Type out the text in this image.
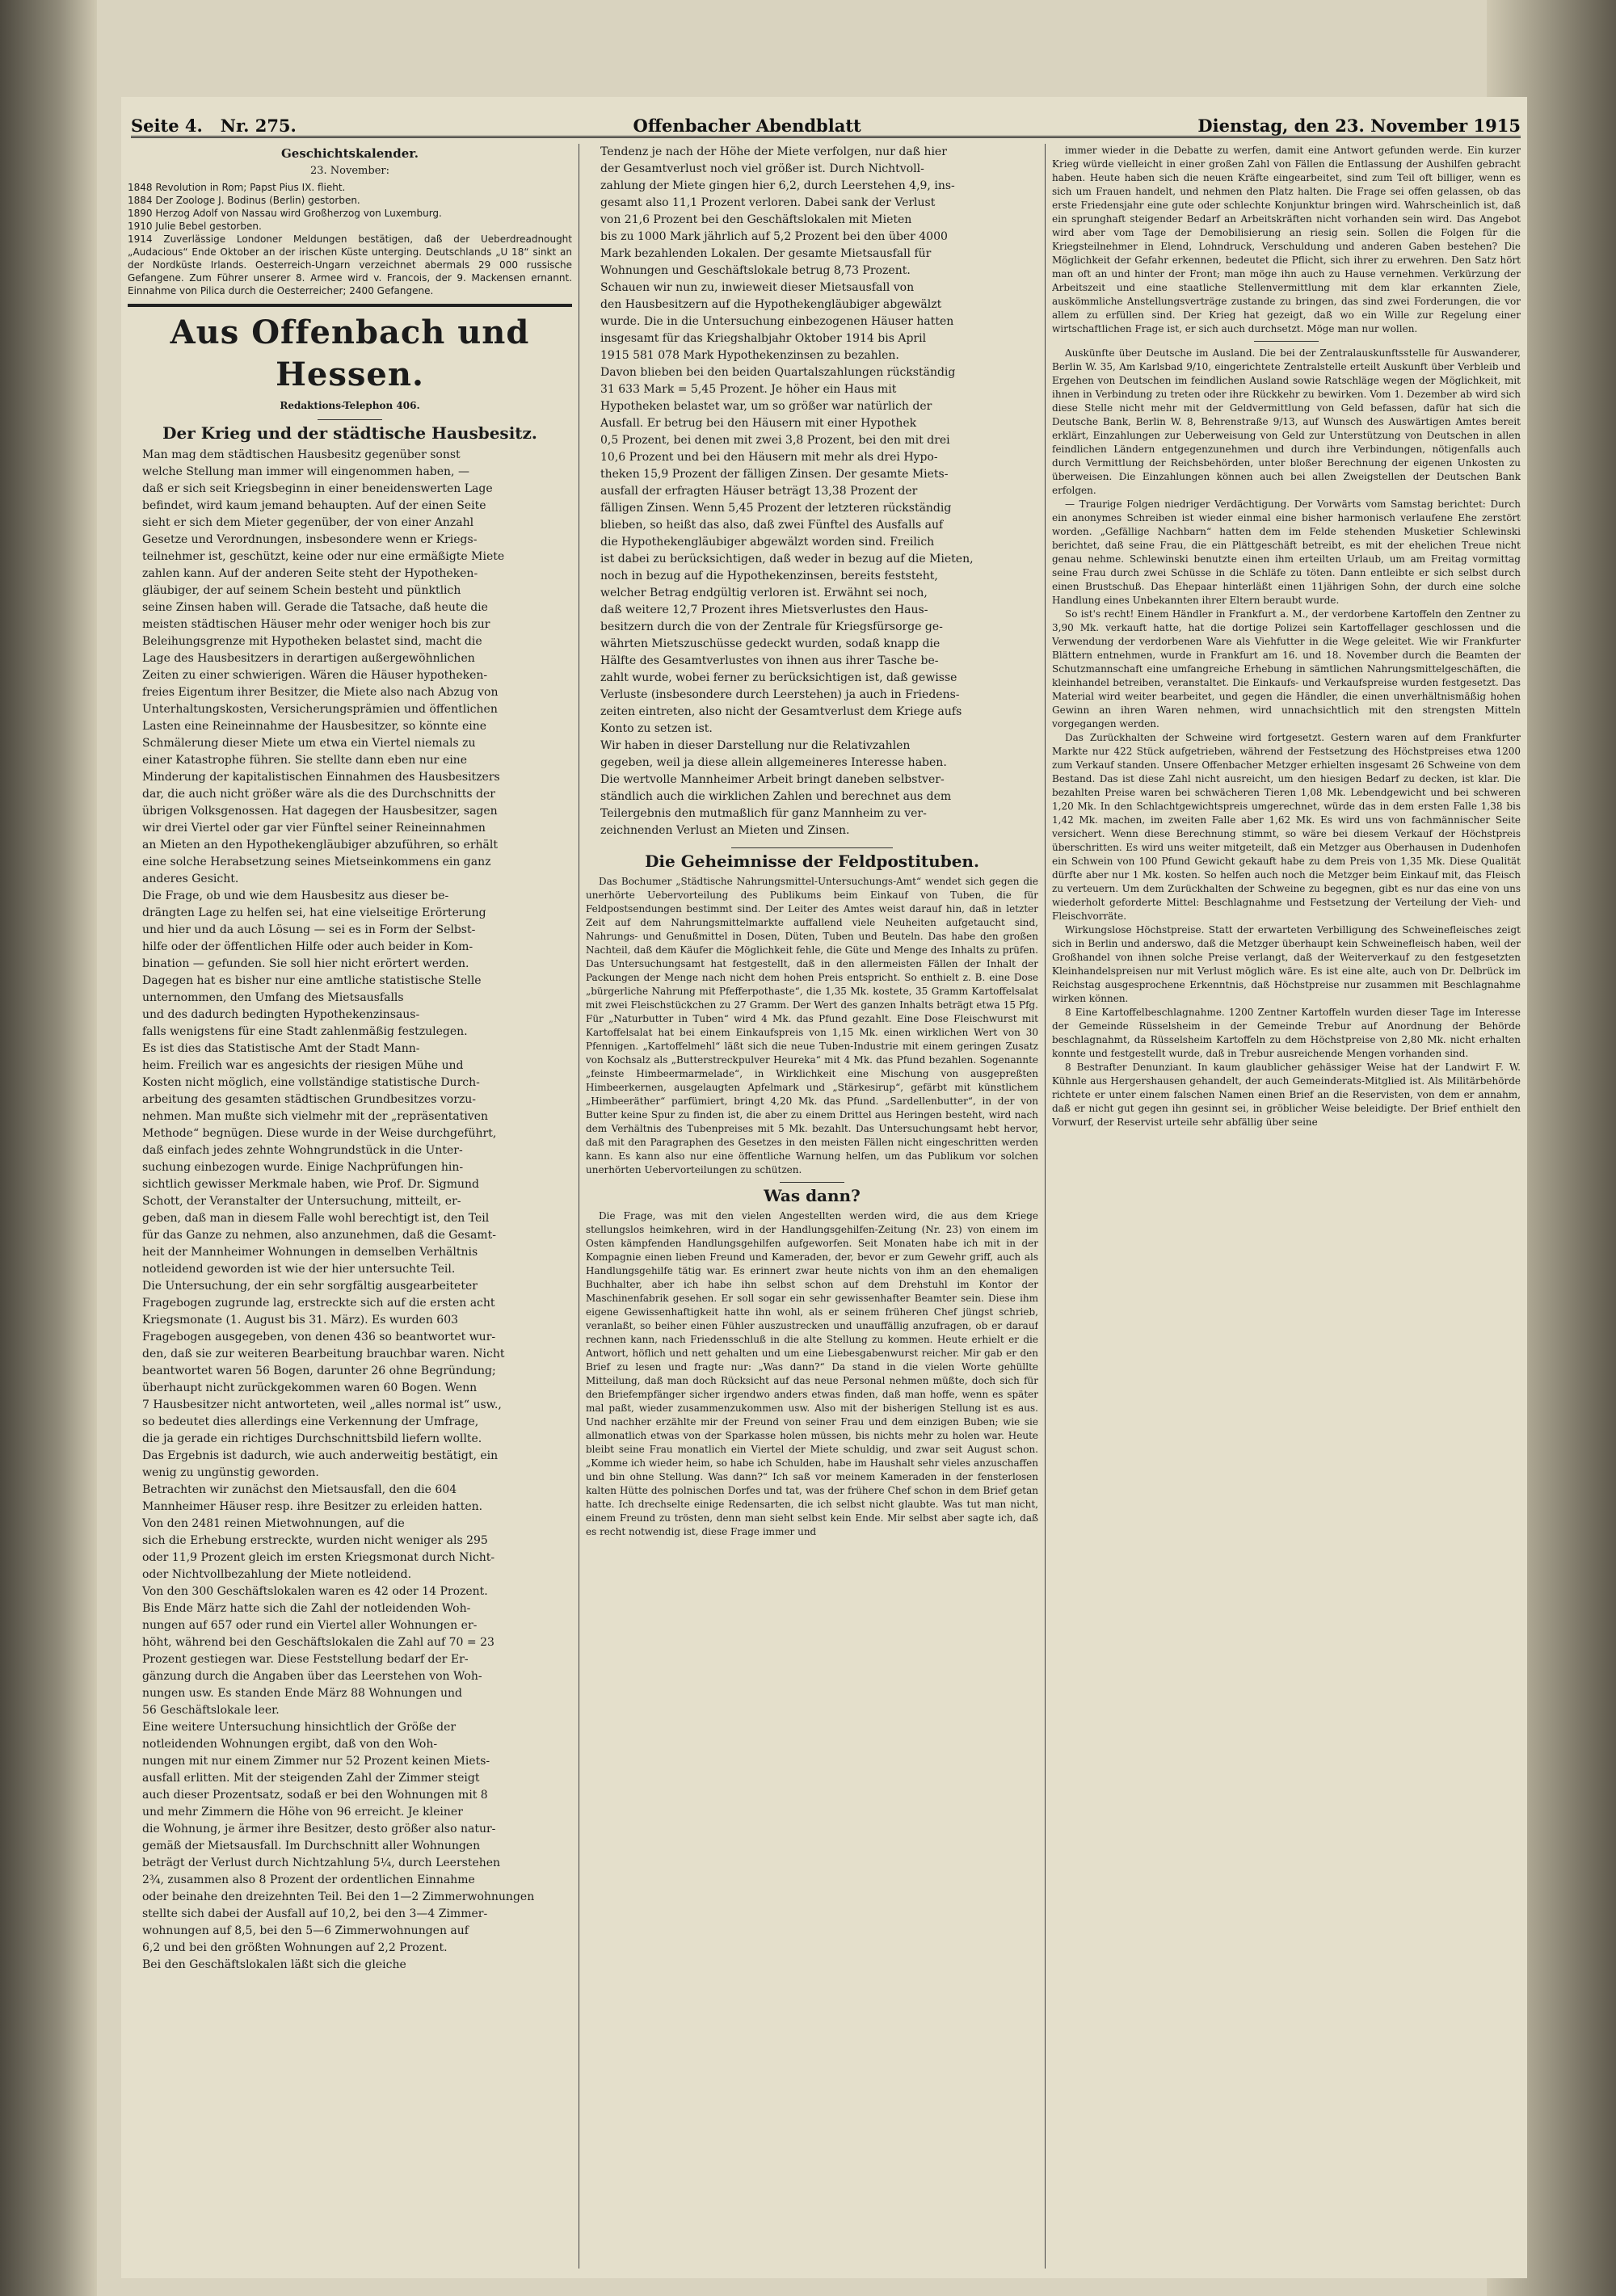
Seite 4. Nr. 275.	Offenbacher Abendblatt	Dienstag, den 23. November 1915
Geschichtskalender.
23. November:

1848 Revolution in Rom; Papst Pius IX. flieht.

1884 Der Zoologe J. Bodinus (Berlin) gestorben.

1890 Herzog Adolf von Nassau wird Großherzog von Luxemburg.

1910 Julie Bebel gestorben.

1914 Zuverlässige Londoner Meldungen bestätigen, daß der Ueberdreadnought „Audacious“ Ende Oktober an der irischen Küste unterging. Deutschlands „U 18“ sinkt an der Nordküste Irlands. Oesterreich-Ungarn verzeichnet abermals 29 000 russische Gefangene. Zum Führer unserer 8. Armee wird v. Francois, der 9. Mackensen ernannt. Einnahme von Pilica durch die Oesterreicher; 2400 Gefangene.

Aus Offenbach und Hessen.
Redaktions-Telephon 406.
Der Krieg und der städtische Hausbesitz.
Man mag dem städtischen Hausbesitz gegenüber sonst
welche Stellung man immer will eingenommen haben, —
daß er sich seit Kriegsbeginn in einer beneidenswerten Lage
befindet, wird kaum jemand behaupten. Auf der einen Seite
sieht er sich dem Mieter gegenüber, der von einer Anzahl
Gesetze und Verordnungen, insbesondere wenn er Kriegs-
teilnehmer ist, geschützt, keine oder nur eine ermäßigte Miete
zahlen kann. Auf der anderen Seite steht der Hypotheken-
gläubiger, der auf seinem Schein besteht und pünktlich
seine Zinsen haben will. Gerade die Tatsache, daß heute die
meisten städtischen Häuser mehr oder weniger hoch bis zur
Beleihungsgrenze mit Hypotheken belastet sind, macht die
Lage des Hausbesitzers in derartigen außergewöhnlichen
Zeiten zu einer schwierigen. Wären die Häuser hypotheken-
freies Eigentum ihrer Besitzer, die Miete also nach Abzug von
Unterhaltungskosten, Versicherungsprämien und öffentlichen
Lasten eine Reineinnahme der Hausbesitzer, so könnte eine
Schmälerung dieser Miete um etwa ein Viertel niemals zu
einer Katastrophe führen. Sie stellte dann eben nur eine
Minderung der kapitalistischen Einnahmen des Hausbesitzers
dar, die auch nicht größer wäre als die des Durchschnitts der
übrigen Volksgenossen. Hat dagegen der Hausbesitzer, sagen
wir drei Viertel oder gar vier Fünftel seiner Reineinnahmen
an Mieten an den Hypothekengläubiger abzuführen, so erhält
eine solche Herabsetzung seines Mietseinkommens ein ganz
anderes Gesicht.
Die Frage, ob und wie dem Hausbesitz aus dieser be-
drängten Lage zu helfen sei, hat eine vielseitige Erörterung
und hier und da auch Lösung — sei es in Form der Selbst-
hilfe oder der öffentlichen Hilfe oder auch beider in Kom-
bination — gefunden. Sie soll hier nicht erörtert werden.
Dagegen hat es bisher nur eine amtliche statistische Stelle
unternommen, den Umfang des Mietsausfalls
und des dadurch bedingten Hypothekenzinsaus-
falls wenigstens für eine Stadt zahlenmäßig festzulegen.
Es ist dies das Statistische Amt der Stadt Mann-
heim. Freilich war es angesichts der riesigen Mühe und
Kosten nicht möglich, eine vollständige statistische Durch-
arbeitung des gesamten städtischen Grundbesitzes vorzu-
nehmen. Man mußte sich vielmehr mit der „repräsentativen
Methode“ begnügen. Diese wurde in der Weise durchgeführt,
daß einfach jedes zehnte Wohngrundstück in die Unter-
suchung einbezogen wurde. Einige Nachprüfungen hin-
sichtlich gewisser Merkmale haben, wie Prof. Dr. Sigmund
Schott, der Veranstalter der Untersuchung, mitteilt, er-
geben, daß man in diesem Falle wohl berechtigt ist, den Teil
für das Ganze zu nehmen, also anzunehmen, daß die Gesamt-
heit der Mannheimer Wohnungen in demselben Verhältnis
notleidend geworden ist wie der hier untersuchte Teil.
Die Untersuchung, der ein sehr sorgfältig ausgearbeiteter
Fragebogen zugrunde lag, erstreckte sich auf die ersten acht
Kriegsmonate (1. August bis 31. März). Es wurden 603
Fragebogen ausgegeben, von denen 436 so beantwortet wur-
den, daß sie zur weiteren Bearbeitung brauchbar waren. Nicht
beantwortet waren 56 Bogen, darunter 26 ohne Begründung;
überhaupt nicht zurückgekommen waren 60 Bogen. Wenn
7 Hausbesitzer nicht antworteten, weil „alles normal ist“ usw.,
so bedeutet dies allerdings eine Verkennung der Umfrage,
die ja gerade ein richtiges Durchschnittsbild liefern wollte.
Das Ergebnis ist dadurch, wie auch anderweitig bestätigt, ein
wenig zu ungünstig geworden.
Betrachten wir zunächst den Mietsausfall, den die 604
Mannheimer Häuser resp. ihre Besitzer zu erleiden hatten.
Von den 2481 reinen Mietwohnungen, auf die
sich die Erhebung erstreckte, wurden nicht weniger als 295
oder 11,9 Prozent gleich im ersten Kriegsmonat durch Nicht-
oder Nichtvollbezahlung der Miete notleidend.
Von den 300 Geschäftslokalen waren es 42 oder 14 Prozent.
Bis Ende März hatte sich die Zahl der notleidenden Woh-
nungen auf 657 oder rund ein Viertel aller Wohnungen er-
höht, während bei den Geschäftslokalen die Zahl auf 70 = 23
Prozent gestiegen war. Diese Feststellung bedarf der Er-
gänzung durch die Angaben über das Leerstehen von Woh-
nungen usw. Es standen Ende März 88 Wohnungen und
56 Geschäftslokale leer.
Eine weitere Untersuchung hinsichtlich der Größe der
notleidenden Wohnungen ergibt, daß von den Woh-
nungen mit nur einem Zimmer nur 52 Prozent keinen Miets-
ausfall erlitten. Mit der steigenden Zahl der Zimmer steigt
auch dieser Prozentsatz, sodaß er bei den Wohnungen mit 8
und mehr Zimmern die Höhe von 96 erreicht. Je kleiner
die Wohnung, je ärmer ihre Besitzer, desto größer also natur-
gemäß der Mietsausfall. Im Durchschnitt aller Wohnungen
beträgt der Verlust durch Nichtzahlung 5¼, durch Leerstehen
2¾, zusammen also 8 Prozent der ordentlichen Einnahme
oder beinahe den dreizehnten Teil. Bei den 1—2 Zimmerwohnungen
stellte sich dabei der Ausfall auf 10,2, bei den 3—4 Zimmer-
wohnungen auf 8,5, bei den 5—6 Zimmerwohnungen auf
6,2 und bei den größten Wohnungen auf 2,2 Prozent.
Bei den Geschäftslokalen läßt sich die gleiche
Tendenz je nach der Höhe der Miete verfolgen, nur daß hier
der Gesamtverlust noch viel größer ist. Durch Nichtvoll-
zahlung der Miete gingen hier 6,2, durch Leerstehen 4,9, ins-
gesamt also 11,1 Prozent verloren. Dabei sank der Verlust
von 21,6 Prozent bei den Geschäftslokalen mit Mieten
bis zu 1000 Mark jährlich auf 5,2 Prozent bei den über 4000
Mark bezahlenden Lokalen. Der gesamte Mietsausfall für
Wohnungen und Geschäftslokale betrug 8,73 Prozent.
Schauen wir nun zu, inwieweit dieser Mietsausfall von
den Hausbesitzern auf die Hypothekengläubiger abgewälzt
wurde. Die in die Untersuchung einbezogenen Häuser hatten
insgesamt für das Kriegshalbjahr Oktober 1914 bis April
1915 581 078 Mark Hypothekenzinsen zu bezahlen.
Davon blieben bei den beiden Quartalszahlungen rückständig
31 633 Mark = 5,45 Prozent. Je höher ein Haus mit
Hypotheken belastet war, um so größer war natürlich der
Ausfall. Er betrug bei den Häusern mit einer Hypothek
0,5 Prozent, bei denen mit zwei 3,8 Prozent, bei den mit drei
10,6 Prozent und bei den Häusern mit mehr als drei Hypo-
theken 15,9 Prozent der fälligen Zinsen. Der gesamte Miets-
ausfall der erfragten Häuser beträgt 13,38 Prozent der
fälligen Zinsen. Wenn 5,45 Prozent der letzteren rückständig
blieben, so heißt das also, daß zwei Fünftel des Ausfalls auf
die Hypothekengläubiger abgewälzt worden sind. Freilich
ist dabei zu berücksichtigen, daß weder in bezug auf die Mieten,
noch in bezug auf die Hypothekenzinsen, bereits feststeht,
welcher Betrag endgültig verloren ist. Erwähnt sei noch,
daß weitere 12,7 Prozent ihres Mietsverlustes den Haus-
besitzern durch die von der Zentrale für Kriegsfürsorge ge-
währten Mietszuschüsse gedeckt wurden, sodaß knapp die
Hälfte des Gesamtverlustes von ihnen aus ihrer Tasche be-
zahlt wurde, wobei ferner zu berücksichtigen ist, daß gewisse
Verluste (insbesondere durch Leerstehen) ja auch in Friedens-
zeiten eintreten, also nicht der Gesamtverlust dem Kriege aufs
Konto zu setzen ist.
Wir haben in dieser Darstellung nur die Relativzahlen
gegeben, weil ja diese allein allgemeineres Interesse haben.
Die wertvolle Mannheimer Arbeit bringt daneben selbstver-
ständlich auch die wirklichen Zahlen und berechnet aus dem
Teilergebnis den mutmaßlich für ganz Mannheim zu ver-
zeichnenden Verlust an Mieten und Zinsen.
Die Geheimnisse der Feldpostituben.

Das Bochumer „Städtische Nahrungsmittel-Untersuchungs-Amt“ wendet sich gegen die unerhörte Uebervorteilung des Publikums beim Einkauf von Tuben, die für Feldpostsendungen bestimmt sind. Der Leiter des Amtes weist darauf hin, daß in letzter Zeit auf dem Nahrungsmittelmarkte auffallend viele Neuheiten aufgetaucht sind, Nahrungs- und Genußmittel in Dosen, Düten, Tuben und Beuteln. Das habe den großen Nachteil, daß dem Käufer die Möglichkeit fehle, die Güte und Menge des Inhalts zu prüfen. Das Untersuchungsamt hat festgestellt, daß in den allermeisten Fällen der Inhalt der Packungen der Menge nach nicht dem hohen Preis entspricht. So enthielt z. B. eine Dose „bürgerliche Nahrung mit Pfefferpothaste“, die 1,35 Mk. kostete, 35 Gramm Kartoffelsalat mit zwei Fleischstückchen zu 27 Gramm. Der Wert des ganzen Inhalts beträgt etwa 15 Pfg. Für „Naturbutter in Tuben“ wird 4 Mk. das Pfund gezahlt. Eine Dose Fleischwurst mit Kartoffelsalat hat bei einem Einkaufspreis von 1,15 Mk. einen wirklichen Wert von 30 Pfennigen. „Kartoffelmehl“ läßt sich die neue Tuben-Industrie mit einem geringen Zusatz von Kochsalz als „Butterstreckpulver Heureka“ mit 4 Mk. das Pfund bezahlen. Sogenannte „feinste Himbeermarmelade“, in Wirklichkeit eine Mischung von ausgepreßten Himbeerkernen, ausgelaugten Apfelmark und „Stärkesirup“, gefärbt mit künstlichem „Himbeeräther“ parfümiert, bringt 4,20 Mk. das Pfund. „Sardellenbutter“, in der von Butter keine Spur zu finden ist, die aber zu einem Drittel aus Heringen besteht, wird nach dem Verhältnis des Tubenpreises mit 5 Mk. bezahlt. Das Untersuchungsamt hebt hervor, daß mit den Paragraphen des Gesetzes in den meisten Fällen nicht eingeschritten werden kann. Es kann also nur eine öffentliche Warnung helfen, um das Publikum vor solchen unerhörten Uebervorteilungen zu schützen.

Was dann?

Die Frage, was mit den vielen Angestellten werden wird, die aus dem Kriege stellungslos heimkehren, wird in der Handlungsgehilfen-Zeitung (Nr. 23) von einem im Osten kämpfenden Handlungsgehilfen aufgeworfen. Seit Monaten habe ich mit in der Kompagnie einen lieben Freund und Kameraden, der, bevor er zum Gewehr griff, auch als Handlungsgehilfe tätig war. Es erinnert zwar heute nichts von ihm an den ehemaligen Buchhalter, aber ich habe ihn selbst schon auf dem Drehstuhl im Kontor der Maschinenfabrik gesehen. Er soll sogar ein sehr gewissenhafter Beamter sein. Diese ihm eigene Gewissenhaftigkeit hatte ihn wohl, als er seinem früheren Chef jüngst schrieb, veranlaßt, so beiher einen Fühler auszustrecken und unauffällig anzufragen, ob er darauf rechnen kann, nach Friedensschluß in die alte Stellung zu kommen. Heute erhielt er die Antwort, höflich und nett gehalten und um eine Liebesgabenwurst reicher. Mir gab er den Brief zu lesen und fragte nur: „Was dann?“ Da stand in die vielen Worte gehüllte Mitteilung, daß man doch Rücksicht auf das neue Personal nehmen müßte, doch sich für den Briefempfänger sicher irgendwo anders etwas finden, daß man hoffe, wenn es später mal paßt, wieder zusammenzukommen usw. Also mit der bisherigen Stellung ist es aus. Und nachher erzählte mir der Freund von seiner Frau und dem einzigen Buben; wie sie allmonatlich etwas von der Sparkasse holen müssen, bis nichts mehr zu holen war. Heute bleibt seine Frau monatlich ein Viertel der Miete schuldig, und zwar seit August schon. „Komme ich wieder heim, so habe ich Schulden, habe im Haushalt sehr vieles anzuschaffen und bin ohne Stellung. Was dann?“ Ich saß vor meinem Kameraden in der fensterlosen kalten Hütte des polnischen Dorfes und tat, was der frühere Chef schon in dem Brief getan hatte. Ich drechselte einige Redensarten, die ich selbst nicht glaubte. Was tut man nicht, einem Freund zu trösten, denn man sieht selbst kein Ende. Mir selbst aber sagte ich, daß es recht notwendig ist, diese Frage immer und

immer wieder in die Debatte zu werfen, damit eine Antwort gefunden werde. Ein kurzer Krieg würde vielleicht in einer großen Zahl von Fällen die Entlassung der Aushilfen gebracht haben. Heute haben sich die neuen Kräfte eingearbeitet, sind zum Teil oft billiger, wenn es sich um Frauen handelt, und nehmen den Platz halten. Die Frage sei offen gelassen, ob das erste Friedensjahr eine gute oder schlechte Konjunktur bringen wird. Wahrscheinlich ist, daß ein sprunghaft steigender Bedarf an Arbeitskräften nicht vorhanden sein wird. Das Angebot wird aber vom Tage der Demobilisierung an riesig sein. Sollen die Folgen für die Kriegsteilnehmer in Elend, Lohndruck, Verschuldung und anderen Gaben bestehen? Die Möglichkeit der Gefahr erkennen, bedeutet die Pflicht, sich ihrer zu erwehren. Den Satz hört man oft an und hinter der Front; man möge ihn auch zu Hause vernehmen. Verkürzung der Arbeitszeit und eine staatliche Stellenvermittlung mit dem klar erkannten Ziele, auskömmliche Anstellungsverträge zustande zu bringen, das sind zwei Forderungen, die vor allem zu erfüllen sind. Der Krieg hat gezeigt, daß wo ein Wille zur Regelung einer wirtschaftlichen Frage ist, er sich auch durchsetzt. Möge man nur wollen.

Auskünfte über Deutsche im Ausland. Die bei der Zentralauskunftsstelle für Auswanderer, Berlin W. 35, Am Karlsbad 9/10, eingerichtete Zentralstelle erteilt Auskunft über Verbleib und Ergehen von Deutschen im feindlichen Ausland sowie Ratschläge wegen der Möglichkeit, mit ihnen in Verbindung zu treten oder ihre Rückkehr zu bewirken. Vom 1. Dezember ab wird sich diese Stelle nicht mehr mit der Geldvermittlung von Geld befassen, dafür hat sich die Deutsche Bank, Berlin W. 8, Behrenstraße 9/13, auf Wunsch des Auswärtigen Amtes bereit erklärt, Einzahlungen zur Ueberweisung von Geld zur Unterstützung von Deutschen in allen feindlichen Ländern entgegenzunehmen und durch ihre Verbindungen, nötigenfalls auch durch Vermittlung der Reichsbehörden, unter bloßer Berechnung der eigenen Unkosten zu überweisen. Die Einzahlungen können auch bei allen Zweigstellen der Deutschen Bank erfolgen.

— Traurige Folgen niedriger Verdächtigung. Der Vorwärts vom Samstag berichtet: Durch ein anonymes Schreiben ist wieder einmal eine bisher harmonisch verlaufene Ehe zerstört worden. „Gefällige Nachbarn“ hatten dem im Felde stehenden Musketier Schlewinski berichtet, daß seine Frau, die ein Plättgeschäft betreibt, es mit der ehelichen Treue nicht genau nehme. Schlewinski benutzte einen ihm erteilten Urlaub, um am Freitag vormittag seine Frau durch zwei Schüsse in die Schläfe zu töten. Dann entleibte er sich selbst durch einen Brustschuß. Das Ehepaar hinterläßt einen 11jährigen Sohn, der durch eine solche Handlung eines Unbekannten ihrer Eltern beraubt wurde.

So ist's recht! Einem Händler in Frankfurt a. M., der verdorbene Kartoffeln den Zentner zu 3,90 Mk. verkauft hatte, hat die dortige Polizei sein Kartoffellager geschlossen und die Verwendung der verdorbenen Ware als Viehfutter in die Wege geleitet. Wie wir Frankfurter Blättern entnehmen, wurde in Frankfurt am 16. und 18. November durch die Beamten der Schutzmannschaft eine umfangreiche Erhebung in sämtlichen Nahrungsmittelgeschäften, die kleinhandel betreiben, veranstaltet. Die Einkaufs- und Verkaufspreise wurden festgesetzt. Das Material wird weiter bearbeitet, und gegen die Händler, die einen unverhältnismäßig hohen Gewinn an ihren Waren nehmen, wird unnachsichtlich mit den strengsten Mitteln vorgegangen werden.

Das Zurückhalten der Schweine wird fortgesetzt. Gestern waren auf dem Frankfurter Markte nur 422 Stück aufgetrieben, während der Festsetzung des Höchstpreises etwa 1200 zum Verkauf standen. Unsere Offenbacher Metzger erhielten insgesamt 26 Schweine von dem Bestand. Das ist diese Zahl nicht ausreicht, um den hiesigen Bedarf zu decken, ist klar. Die bezahlten Preise waren bei schwächeren Tieren 1,08 Mk. Lebendgewicht und bei schweren 1,20 Mk. In den Schlachtgewichtspreis umgerechnet, würde das in dem ersten Falle 1,38 bis 1,42 Mk. machen, im zweiten Falle aber 1,62 Mk. Es wird uns von fachmännischer Seite versichert. Wenn diese Berechnung stimmt, so wäre bei diesem Verkauf der Höchstpreis überschritten. Es wird uns weiter mitgeteilt, daß ein Metzger aus Oberhausen in Dudenhofen ein Schwein von 100 Pfund Gewicht gekauft habe zu dem Preis von 1,35 Mk. Diese Qualität dürfte aber nur 1 Mk. kosten. So helfen auch noch die Metzger beim Einkauf mit, das Fleisch zu verteuern. Um dem Zurückhalten der Schweine zu begegnen, gibt es nur das eine von uns wiederholt geforderte Mittel: Beschlagnahme und Festsetzung der Verteilung der Vieh- und Fleischvorräte.

Wirkungslose Höchstpreise. Statt der erwarteten Verbilligung des Schweinefleisches zeigt sich in Berlin und anderswo, daß die Metzger überhaupt kein Schweinefleisch haben, weil der Großhandel von ihnen solche Preise verlangt, daß der Weiterverkauf zu den festgesetzten Kleinhandelspreisen nur mit Verlust möglich wäre. Es ist eine alte, auch von Dr. Delbrück im Reichstag ausgesprochene Erkenntnis, daß Höchstpreise nur zusammen mit Beschlagnahme wirken können.

8 Eine Kartoffelbeschlagnahme. 1200 Zentner Kartoffeln wurden dieser Tage im Interesse der Gemeinde Rüsselsheim in der Gemeinde Trebur auf Anordnung der Behörde beschlagnahmt, da Rüsselsheim Kartoffeln zu dem Höchstpreise von 2,80 Mk. nicht erhalten konnte und festgestellt wurde, daß in Trebur ausreichende Mengen vorhanden sind.

8 Bestrafter Denunziant. In kaum glaublicher gehässiger Weise hat der Landwirt F. W. Kühnle aus Hergershausen gehandelt, der auch Gemeinderats-Mitglied ist. Als Militärbehörde richtete er unter einem falschen Namen einen Brief an die Reservisten, von dem er annahm, daß er nicht gut gegen ihn gesinnt sei, in gröblicher Weise beleidigte. Der Brief enthielt den Vorwurf, der Reservist urteile sehr abfällig über seine
